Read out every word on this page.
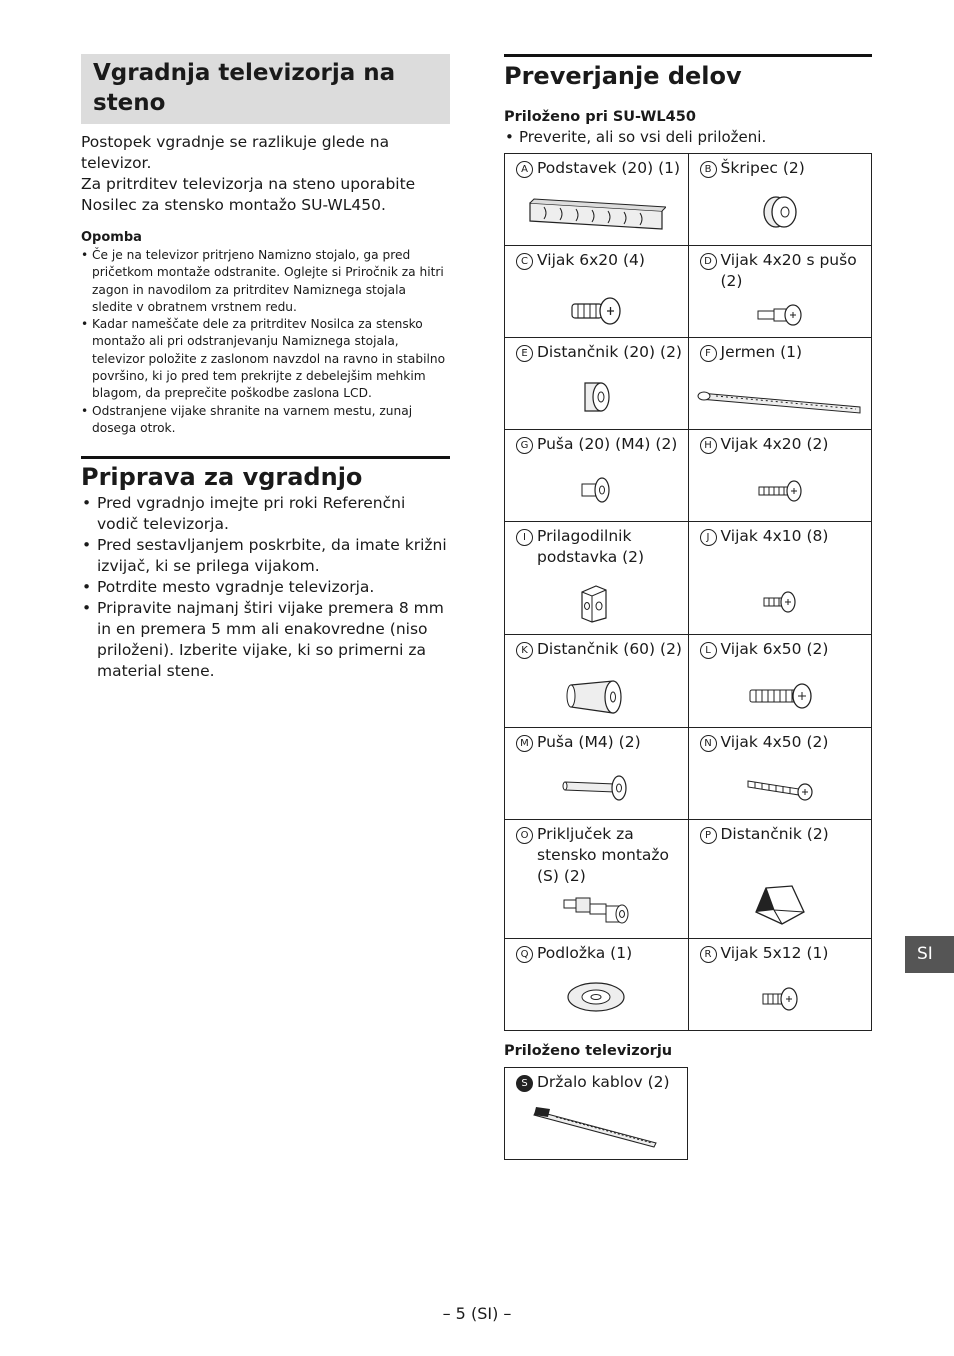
Vgradnja televizorja na steno

Postopek vgradnje se razlikuje glede na televizor.

Za pritrditev televizorja na steno uporabite Nosilec za stensko montažo SU-WL450.

Opomba
• Če je na televizor pritrjeno Namizno stojalo, ga pred pričetkom montaže odstranite. Oglejte si Priročnik za hitri zagon in navodilom za pritrditev Namiznega stojala sledite v obratnem vrstnem redu.
• Kadar nameščate dele za pritrditev Nosilca za stensko montažo ali pri odstranjevanju Namiznega stojala, televizor položite z zaslonom navzdol na ravno in stabilno površino, ki jo pred tem prekrijte z debelejšim mehkim blagom, da preprečite poškodbe zaslona LCD.
• Odstranjene vijake shranite na varnem mestu, zunaj dosega otrok.
Priprava za vgradnjo
• Pred vgradnjo imejte pri roki Referenčni vodič televizorja.
• Pred sestavljanjem poskrbite, da imate križni izvijač, ki se prilega vijakom.
• Potrdite mesto vgradnje televizorja.
• Pripravite najmanj štiri vijake premera 8 mm in en premera 5 mm ali enakovredne (niso priloženi). Izberite vijake, ki so primerni za material stene.
Preverjanje delov
Priloženo pri SU-WL450
• Preverite, ali so vsi deli priloženi.
A Podstavek (20) (1)	B Škripec (2)

C Vijak 6x20 (4)	D Vijak 4x20 s pušo (2)

E Distančnik (20) (2)	F Jermen (1)

G Puša (20) (M4) (2)	H Vijak 4x20 (2)

I Prilagodilnik podstavka (2)	J Vijak 4x10 (8)

K Distančnik (60) (2)	L Vijak 6x50 (2)

M Puša (M4) (2)	N Vijak 4x50 (2)

O Priključek za stensko montažo (S) (2)	P Distančnik (2)

Q Podložka (1)	R Vijak 5x12 (1)
Priloženo televizorju
S Držalo kablov (2)
SI
– 5 (SI) –
